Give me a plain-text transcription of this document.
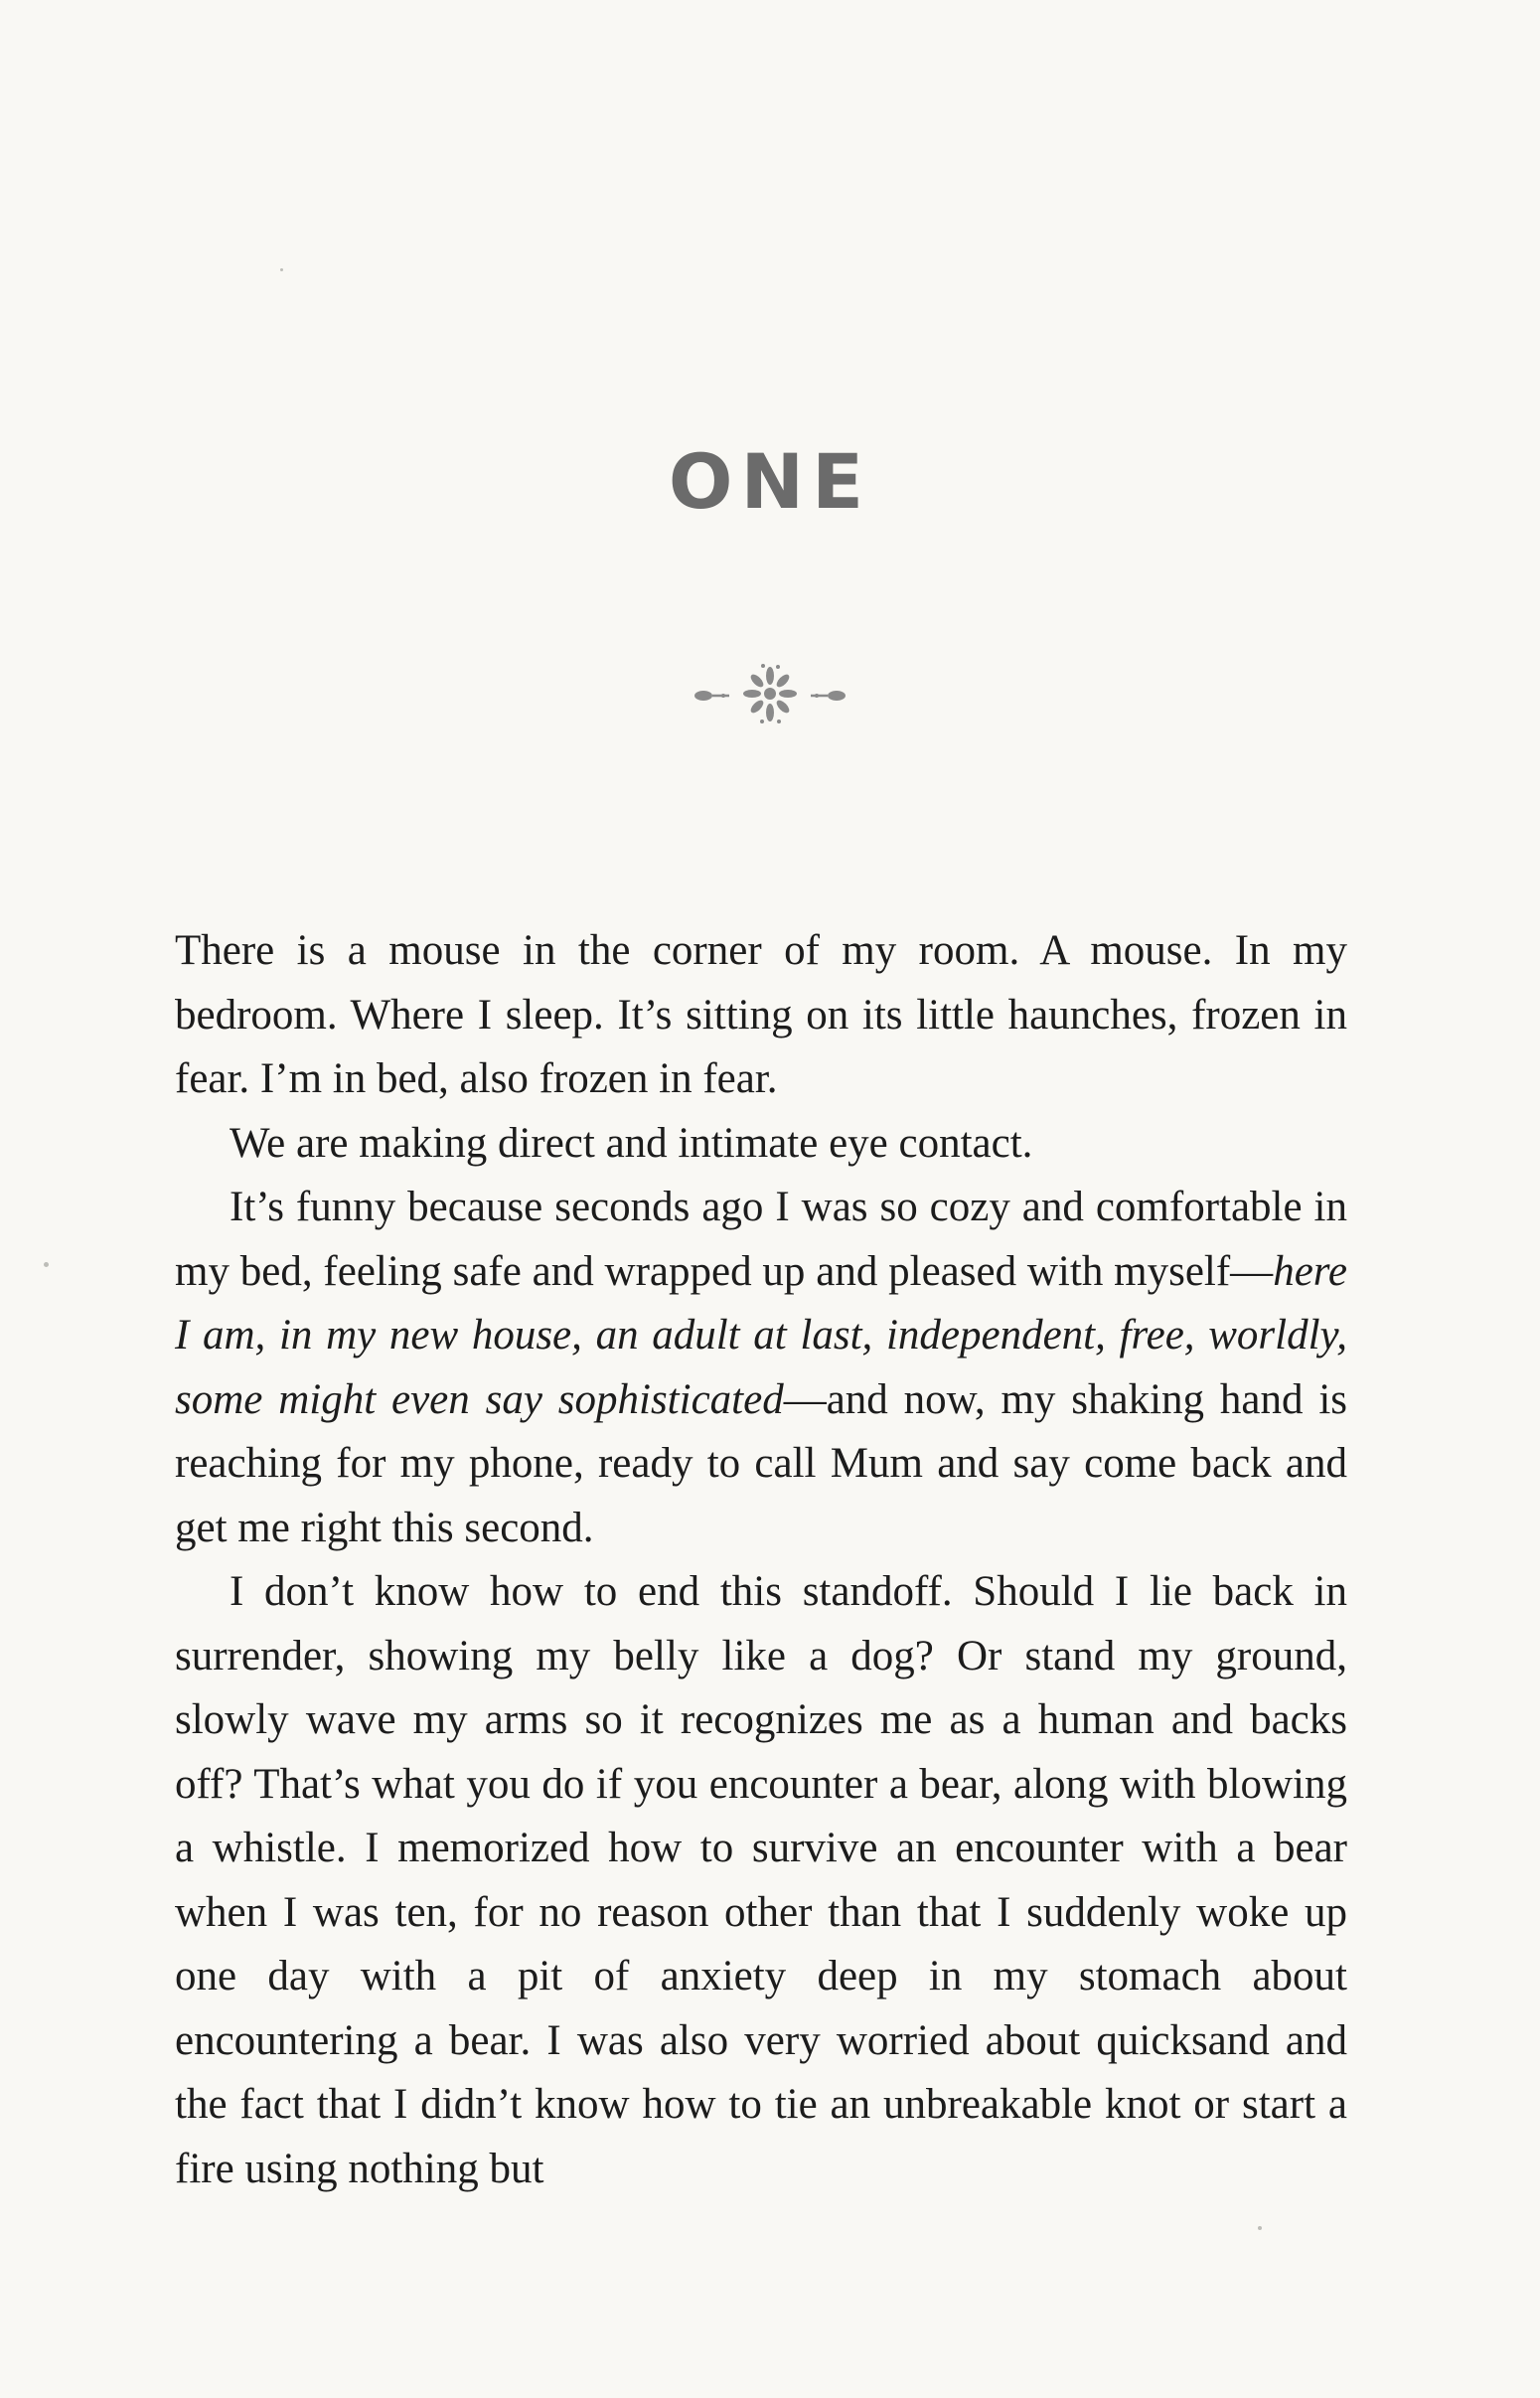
ONE

There is a mouse in the corner of my room. A mouse. In my bedroom. Where I sleep. It’s sitting on its little haunches, frozen in fear. I’m in bed, also frozen in fear.

We are making direct and intimate eye contact.

It’s funny because seconds ago I was so cozy and comfortable in my bed, feeling safe and wrapped up and pleased with myself—here I am, in my new house, an adult at last, independent, free, worldly, some might even say sophisticated—and now, my shaking hand is reaching for my phone, ready to call Mum and say come back and get me right this second.

I don’t know how to end this standoff. Should I lie back in surrender, showing my belly like a dog? Or stand my ground, slowly wave my arms so it recognizes me as a human and backs off? That’s what you do if you encounter a bear, along with blowing a whistle. I memorized how to survive an encounter with a bear when I was ten, for no reason other than that I suddenly woke up one day with a pit of anxiety deep in my stomach about encountering a bear. I was also very worried about quicksand and the fact that I didn’t know how to tie an unbreakable knot or start a fire using nothing but
